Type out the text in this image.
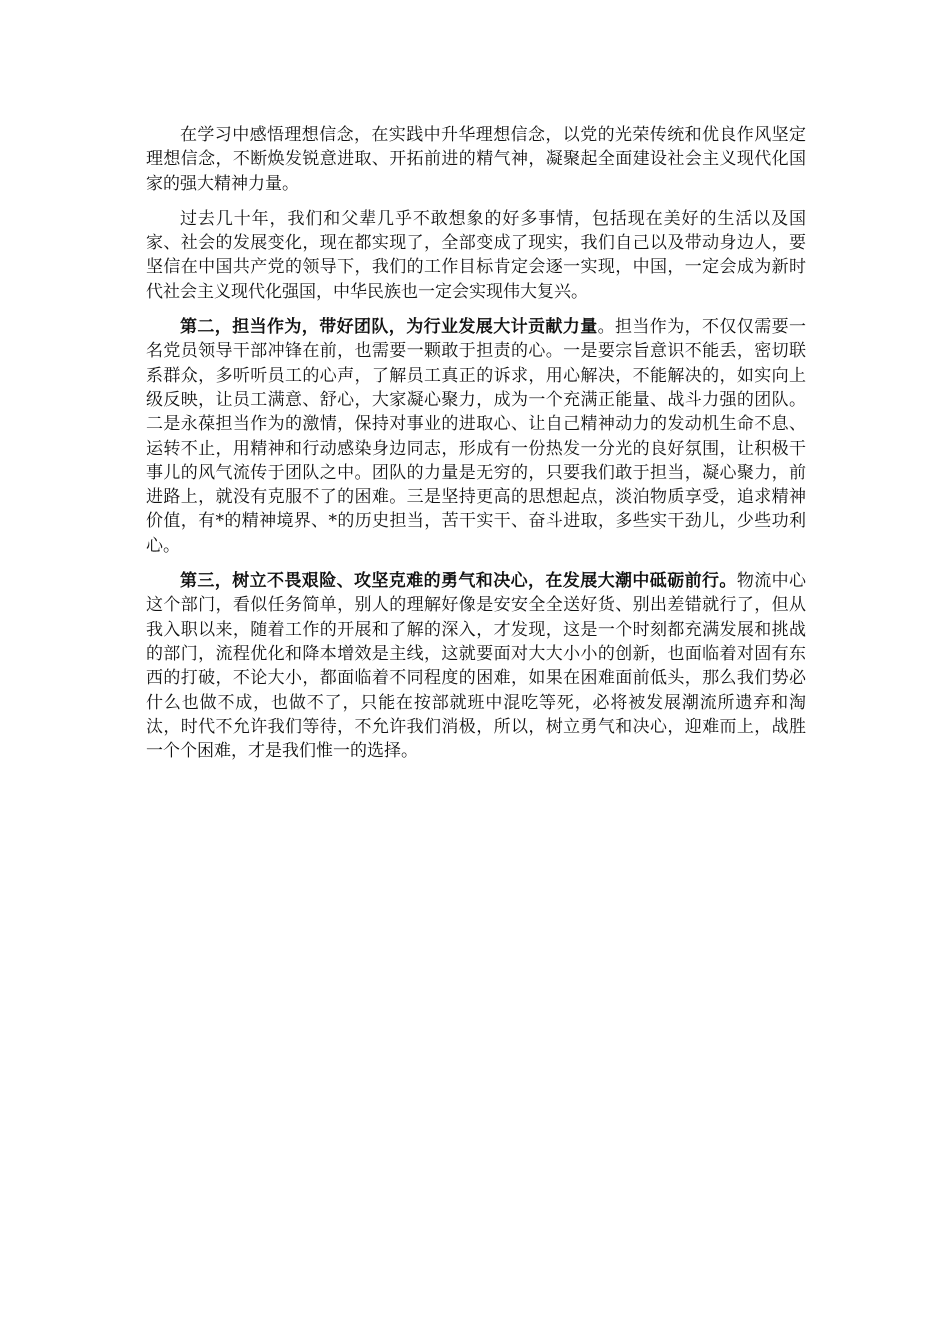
在学习中感悟理想信念，在实践中升华理想信念，以党的光荣传统和优良作风坚定理想信念，不断焕发锐意进取、开拓前进的精气神，凝聚起全面建设社会主义现代化国家的强大精神力量。

过去几十年，我们和父辈几乎不敢想象的好多事情，包括现在美好的生活以及国家、社会的发展变化，现在都实现了，全部变成了现实，我们自己以及带动身边人，要坚信在中国共产党的领导下，我们的工作目标肯定会逐一实现，中国，一定会成为新时代社会主义现代化强国，中华民族也一定会实现伟大复兴。

第二，担当作为，带好团队，为行业发展大计贡献力量。担当作为，不仅仅需要一名党员领导干部冲锋在前，也需要一颗敢于担责的心。一是要宗旨意识不能丢，密切联系群众，多听听员工的心声，了解员工真正的诉求，用心解决，不能解决的，如实向上级反映，让员工满意、舒心，大家凝心聚力，成为一个充满正能量、战斗力强的团队。二是永葆担当作为的激情，保持对事业的进取心、让自己精神动力的发动机生命不息、运转不止，用精神和行动感染身边同志，形成有一份热发一分光的良好氛围，让积极干事儿的风气流传于团队之中。团队的力量是无穷的，只要我们敢于担当，凝心聚力，前进路上，就没有克服不了的困难。三是坚持更高的思想起点，淡泊物质享受，追求精神价值，有*的精神境界、*的历史担当，苦干实干、奋斗进取，多些实干劲儿，少些功利心。

第三，树立不畏艰险、攻坚克难的勇气和决心，在发展大潮中砥砺前行。物流中心这个部门，看似任务简单，别人的理解好像是安安全全送好货、别出差错就行了，但从我入职以来，随着工作的开展和了解的深入，才发现，这是一个时刻都充满发展和挑战的部门，流程优化和降本增效是主线，这就要面对大大小小的创新，也面临着对固有东西的打破，不论大小，都面临着不同程度的困难，如果在困难面前低头，那么我们势必什么也做不成，也做不了，只能在按部就班中混吃等死，必将被发展潮流所遗弃和淘汰，时代不允许我们等待，不允许我们消极，所以，树立勇气和决心，迎难而上，战胜一个个困难，才是我们惟一的选择。
